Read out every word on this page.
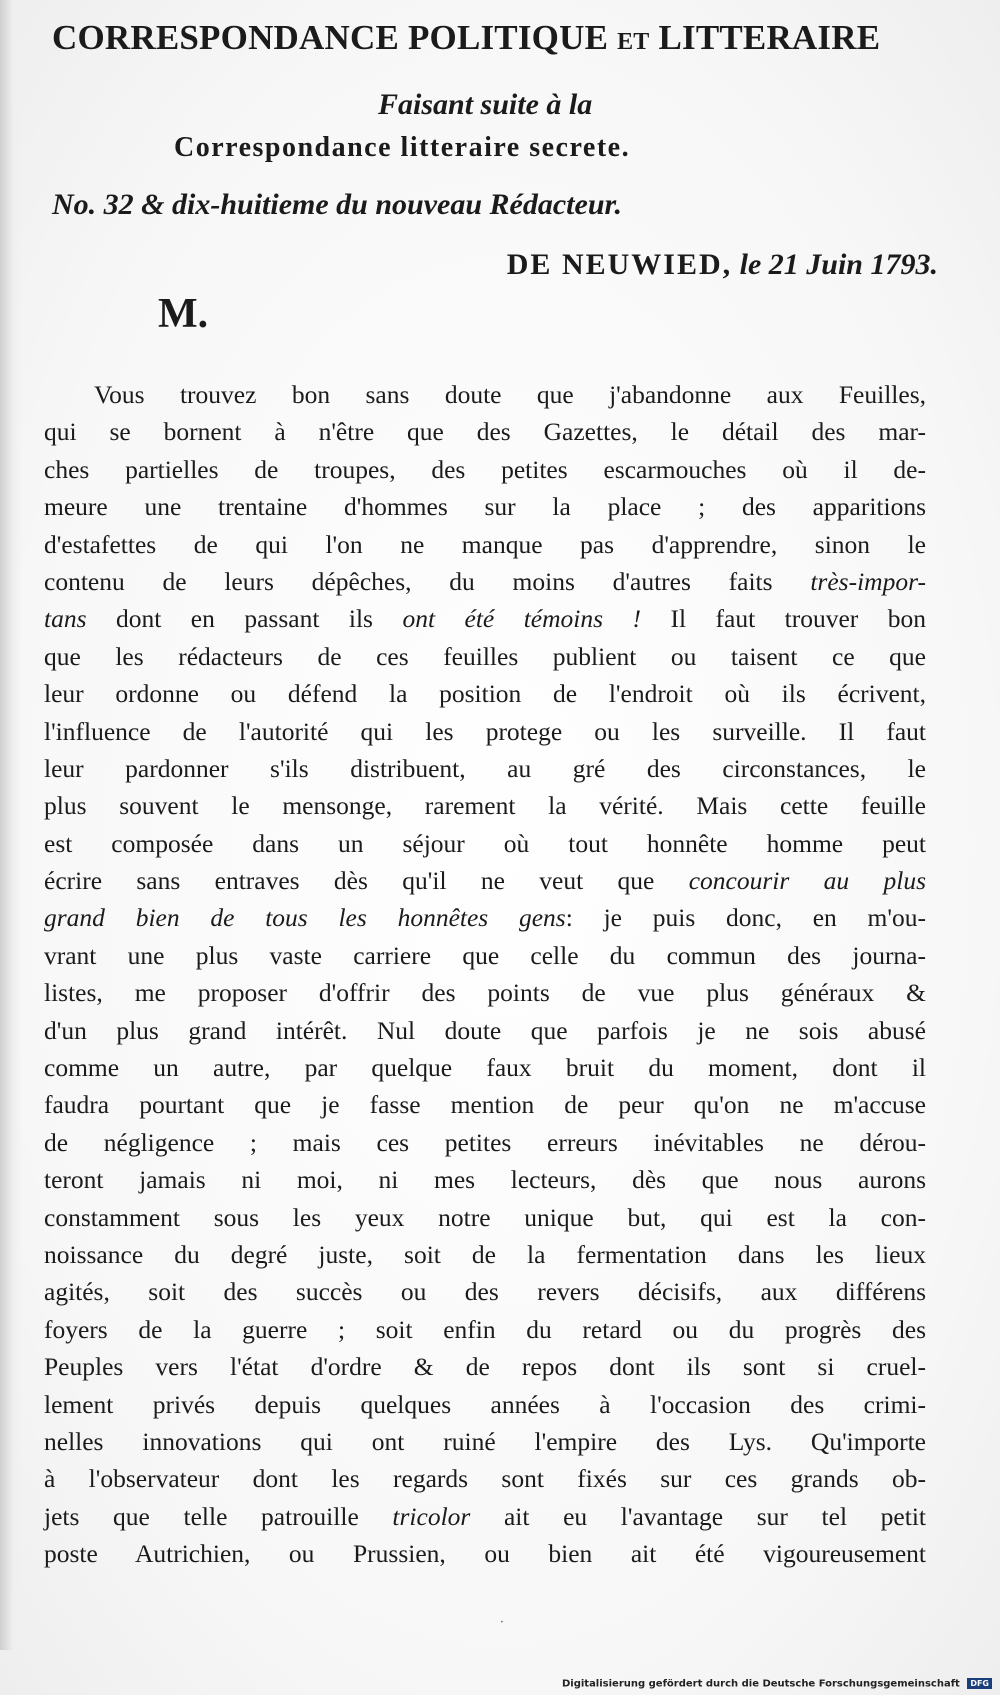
CORRESPONDANCE POLITIQUE ET LITTERAIRE
Faisant suite à la
Correspondance litteraire secrete.
No. 32 & dix-huitieme du nouveau Rédacteur.
DE NEUWIED, le 21 Juin 1793.
M.
Vous trouvez bon sans doute que j'abandonne aux Feuilles,
qui se bornent à n'être que des Gazettes, le détail des mar-
ches partielles de troupes, des petites escarmouches où il de-
meure une trentaine d'hommes sur la place ; des apparitions
d'estafettes de qui l'on ne manque pas d'apprendre, sinon le
contenu de leurs dépêches, du moins d'autres faits très-impor-
tans dont en passant ils ont été témoins ! Il faut trouver bon
que les rédacteurs de ces feuilles publient ou taisent ce que
leur ordonne ou défend la position de l'endroit où ils écrivent,
l'influence de l'autorité qui les protege ou les surveille. Il faut
leur pardonner s'ils distribuent, au gré des circonstances, le
plus souvent le mensonge, rarement la vérité. Mais cette feuille
est composée dans un séjour où tout honnête homme peut
écrire sans entraves dès qu'il ne veut que concourir au plus
grand bien de tous les honnêtes gens: je puis donc, en m'ou-
vrant une plus vaste carriere que celle du commun des journa-
listes, me proposer d'offrir des points de vue plus généraux &
d'un plus grand intérêt. Nul doute que parfois je ne sois abusé
comme un autre, par quelque faux bruit du moment, dont il
faudra pourtant que je fasse mention de peur qu'on ne m'accuse
de négligence ; mais ces petites erreurs inévitables ne dérou-
teront jamais ni moi, ni mes lecteurs, dès que nous aurons
constamment sous les yeux notre unique but, qui est la con-
noissance du degré juste, soit de la fermentation dans les lieux
agités, soit des succès ou des revers décisifs, aux différens
foyers de la guerre ; soit enfin du retard ou du progrès des
Peuples vers l'état d'ordre & de repos dont ils sont si cruel-
lement privés depuis quelques années à l'occasion des crimi-
nelles innovations qui ont ruiné l'empire des Lys. Qu'importe
à l'observateur dont les regards sont fixés sur ces grands ob-
jets que telle patrouille tricolor ait eu l'avantage sur tel petit
poste Autrichien, ou Prussien, ou bien ait été vigoureusement
·
Digitalisierung gefördert durch die Deutsche Forschungsgemeinschaft DFG
